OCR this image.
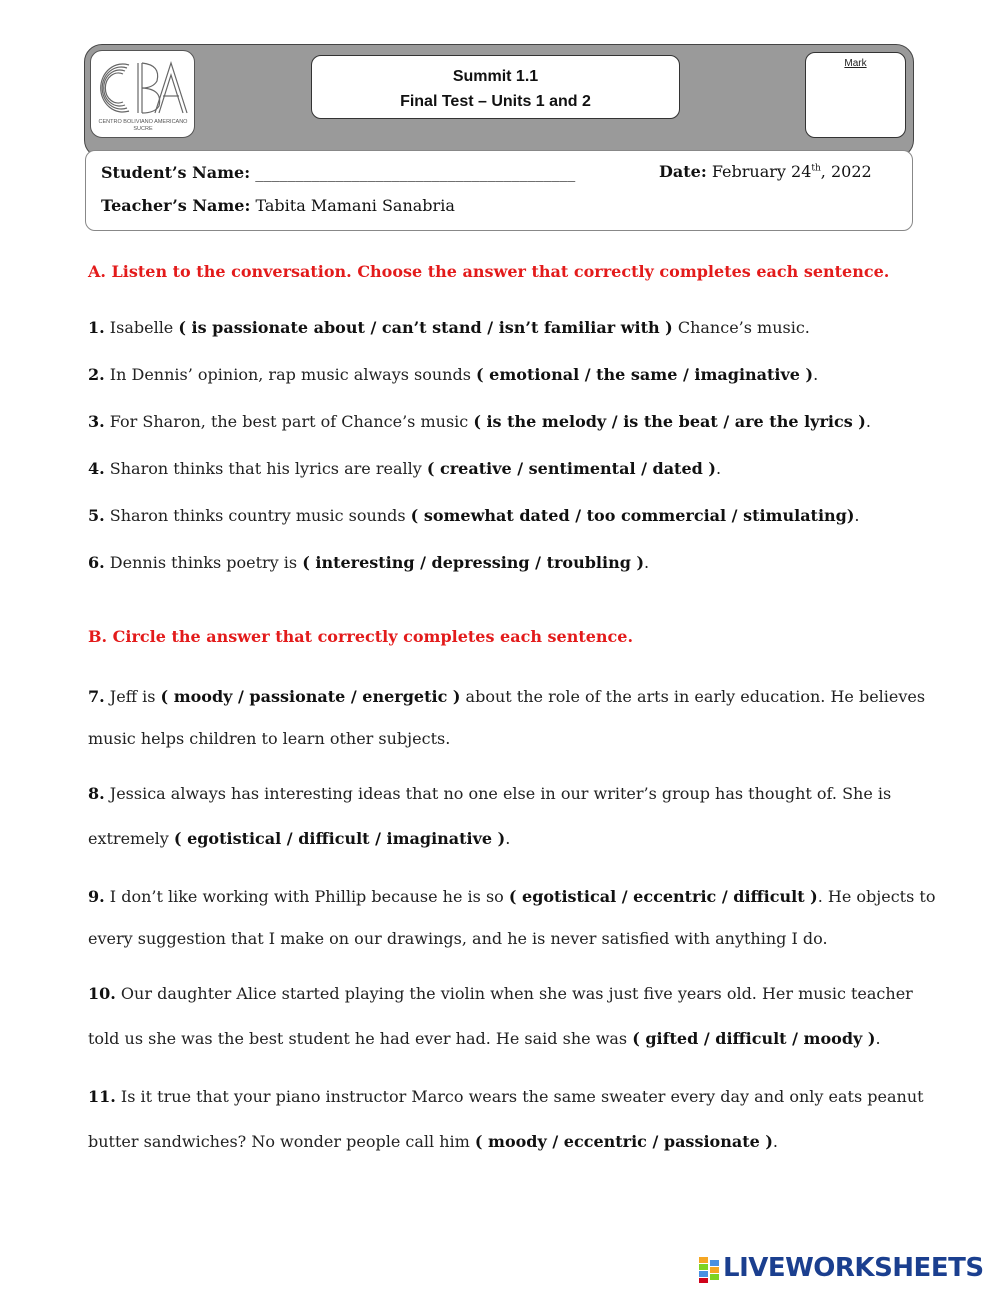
CENTRO BOLIVIANO AMERICANO
SUCRE
Summit 1.1
Final Test – Units 1 and 2
Mark
Student’s Name: ________________________________________	Date: February 24th, 2022
Teacher’s Name: Tabita Mamani Sanabria
A. Listen to the conversation. Choose the answer that correctly completes each sentence.
1. Isabelle ( is passionate about / can’t stand / isn’t familiar with ) Chance’s music.
2. In Dennis’ opinion, rap music always sounds ( emotional / the same / imaginative ).
3. For Sharon, the best part of Chance’s music ( is the melody / is the beat / are the lyrics ).
4. Sharon thinks that his lyrics are really ( creative / sentimental / dated ).
5. Sharon thinks country music sounds ( somewhat dated / too commercial / stimulating).
6. Dennis thinks poetry is ( interesting / depressing / troubling ).
7. Jeff is ( moody / passionate / energetic ) about the role of the arts in early education. He believes
music helps children to learn other subjects.
8. Jessica always has interesting ideas that no one else in our writer’s group has thought of. She is
extremely ( egotistical / difficult / imaginative ).
9. I don’t like working with Phillip because he is so ( egotistical / eccentric / difficult ). He objects to
every suggestion that I make on our drawings, and he is never satisfied with anything I do.
10. Our daughter Alice started playing the violin when she was just five years old. Her music teacher
told us she was the best student he had ever had. He said she was ( gifted / difficult / moody ).
11. Is it true that your piano instructor Marco wears the same sweater every day and only eats peanut
butter sandwiches? No wonder people call him ( moody / eccentric / passionate ).
B. Circle the answer that correctly completes each sentence.
LIVEWORKSHEETS
